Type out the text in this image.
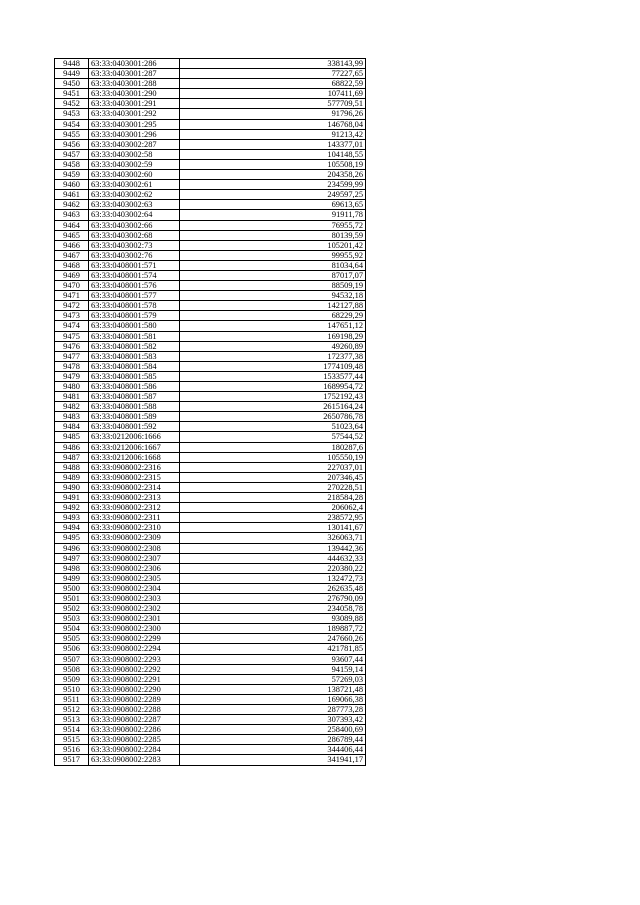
9448	63:33:0403001:286	338143,99
9449	63:33:0403001:287	77227,65
9450	63:33:0403001:288	68822,59
9451	63:33:0403001:290	107411,69
9452	63:33:0403001:291	577709,51
9453	63:33:0403001:292	91796,26
9454	63:33:0403001:295	146768,04
9455	63:33:0403001:296	91213,42
9456	63:33:0403002:287	143377,01
9457	63:33:0403002:58	104148,55
9458	63:33:0403002:59	105508,19
9459	63:33:0403002:60	204358,26
9460	63:33:0403002:61	234599,99
9461	63:33:0403002:62	249597,25
9462	63:33:0403002:63	69613,65
9463	63:33:0403002:64	91911,78
9464	63:33:0403002:66	76955,72
9465	63:33:0403002:68	80139,59
9466	63:33:0403002:73	105201,42
9467	63:33:0403002:76	99955,92
9468	63:33:0408001:571	81034,64
9469	63:33:0408001:574	87017,07
9470	63:33:0408001:576	88509,19
9471	63:33:0408001:577	94532,18
9472	63:33:0408001:578	142127,88
9473	63:33:0408001:579	68229,29
9474	63:33:0408001:580	147651,12
9475	63:33:0408001:581	169198,29
9476	63:33:0408001:582	49260,89
9477	63:33:0408001:583	172377,38
9478	63:33:0408001:584	1774109,48
9479	63:33:0408001:585	1533577,44
9480	63:33:0408001:586	1689954,72
9481	63:33:0408001:587	1752192,43
9482	63:33:0408001:588	2615164,24
9483	63:33:0408001:589	2650786,78
9484	63:33:0408001:592	51023,64
9485	63:33:0212006:1666	57544,52
9486	63:33:0212006:1667	180287,6
9487	63:33:0212006:1668	105550,19
9488	63:33:0908002:2316	227037,01
9489	63:33:0908002:2315	207346,45
9490	63:33:0908002:2314	270228,51
9491	63:33:0908002:2313	218584,28
9492	63:33:0908002:2312	206062,4
9493	63:33:0908002:2311	238572,95
9494	63:33:0908002:2310	130141,67
9495	63:33:0908002:2309	326063,71
9496	63:33:0908002:2308	139442,36
9497	63:33:0908002:2307	444632,33
9498	63:33:0908002:2306	220380,22
9499	63:33:0908002:2305	132472,73
9500	63:33:0908002:2304	262635,48
9501	63:33:0908002:2303	276790,09
9502	63:33:0908002:2302	234058,78
9503	63:33:0908002:2301	93089,88
9504	63:33:0908002:2300	189887,72
9505	63:33:0908002:2299	247660,26
9506	63:33:0908002:2294	421781,85
9507	63:33:0908002:2293	93607,44
9508	63:33:0908002:2292	94159,14
9509	63:33:0908002:2291	57269,03
9510	63:33:0908002:2290	138721,48
9511	63:33:0908002:2289	169066,38
9512	63:33:0908002:2288	287773,28
9513	63:33:0908002:2287	307393,42
9514	63:33:0908002:2286	258400,69
9515	63:33:0908002:2285	286789,44
9516	63:33:0908002:2284	344406,44
9517	63:33:0908002:2283	341941,17
